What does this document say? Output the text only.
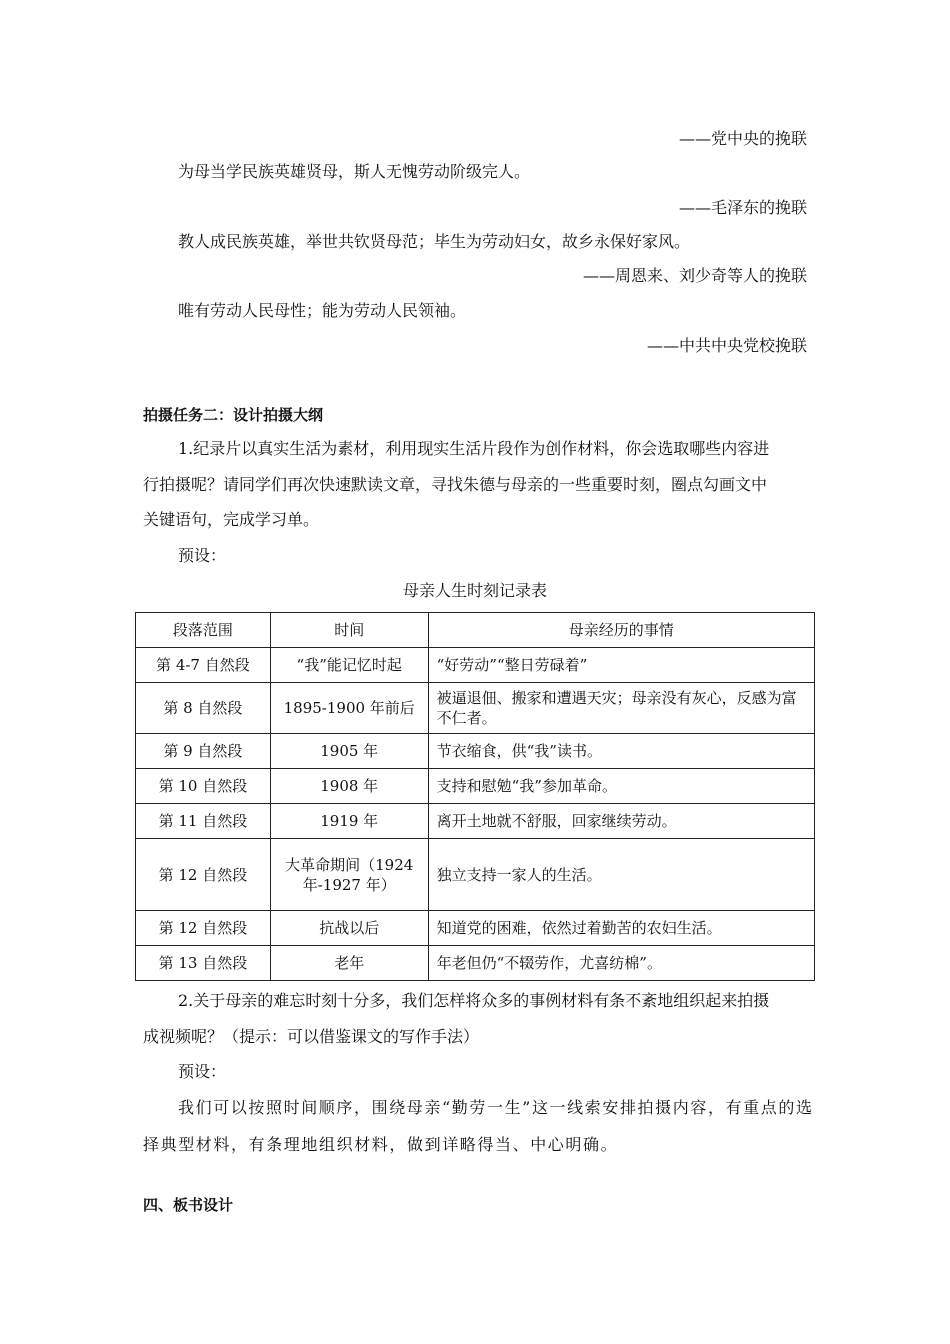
——党中央的挽联
为母当学民族英雄贤母，斯人无愧劳动阶级完人。
——毛泽东的挽联
教人成民族英雄，举世共钦贤母范；毕生为劳动妇女，故乡永保好家风。
——周恩来、刘少奇等人的挽联
唯有劳动人民母性；能为劳动人民领袖。
——中共中央党校挽联
拍摄任务二：设计拍摄大纲
1.纪录片以真实生活为素材，利用现实生活片段作为创作材料，你会选取哪些内容进
行拍摄呢？请同学们再次快速默读文章，寻找朱德与母亲的一些重要时刻，圈点勾画文中
关键语句，完成学习单。
预设：
母亲人生时刻记录表
段落范围	时间	母亲经历的事情
第 4-7 自然段	“我”能记忆时起	“好劳动”“整日劳碌着”
第 8 自然段	1895-1900 年前后	被逼退佃、搬家和遭遇天灾；母亲没有灰心，反感为富不仁者。
第 9 自然段	1905 年	节衣缩食，供“我”读书。
第 10 自然段	1908 年	支持和慰勉“我”参加革命。
第 11 自然段	1919 年	离开土地就不舒服，回家继续劳动。
第 12 自然段	大革命期间（1924 年-1927 年）	独立支持一家人的生活。
第 12 自然段	抗战以后	知道党的困难，依然过着勤苦的农妇生活。
第 13 自然段	老年	年老但仍“不辍劳作，尤喜纺棉”。
2.关于母亲的难忘时刻十分多，我们怎样将众多的事例材料有条不紊地组织起来拍摄
成视频呢？（提示：可以借鉴课文的写作手法）
预设：
我们可以按照时间顺序，围绕母亲“勤劳一生”这一线索安排拍摄内容，有重点的选
择典型材料，有条理地组织材料，做到详略得当、中心明确。
四、板书设计
